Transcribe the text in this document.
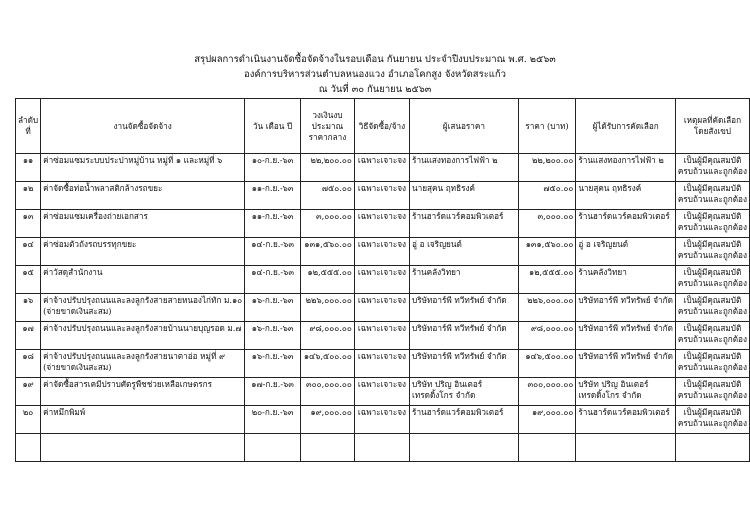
สรุปผลการดำเนินงานจัดซื้อจัดจ้างในรอบเดือน กันยายน ประจำปีงบประมาณ พ.ศ. ๒๕๖๓
องค์การบริหารส่วนตำบลหนองแวง อำเภอโคกสูง จังหวัดสระแก้ว
ณ วันที่ ๓๐ กันยายน ๒๕๖๓
ลำดับที่	งานจัดซื้อจัดจ้าง	วัน เดือน ปี	วงเงินงบประมาณราคากลาง	วิธีจัดซื้อ/จ้าง	ผู้เสนอราคา	ราคา (บาท)	ผู้ได้รับการคัดเลือก	เหตุผลที่คัดเลือกโดยสังเขป
๑๑	ค่าซ่อมแซมระบบประปาหมู่บ้าน หมู่ที่ ๑ และหมู่ที่ ๖	๑๐-ก.ย.-๖๓	๒๒,๒๐๐.๐๐	เฉพาะเจาะจง	ร้านแสงทองการไฟฟ้า ๒	๒๒,๒๐๐.๐๐	ร้านแสงทองการไฟฟ้า ๒	เป็นผู้มีคุณสมบัติ
ครบถ้วนและถูกต้อง

๑๒	ค่าจัดซื้อท่อน้ำพลาสติกล้างรถขยะ	๑๑-ก.ย.-๖๓	๗๕๐.๐๐	เฉพาะเจาะจง	นายสุคน ฤทธิรงค์	๗๕๐.๐๐	นายสุคน ฤทธิรงค์	เป็นผู้มีคุณสมบัติ
ครบถ้วนและถูกต้อง

๑๓	ค่าซ่อมแซมเครื่องถ่ายเอกสาร	๑๑-ก.ย.-๖๓	๓,๐๐๐.๐๐	เฉพาะเจาะจง	ร้านฮาร์ดแวร์คอมพิวเตอร์	๓,๐๐๐.๐๐	ร้านฮาร์ดแวร์คอมพิวเตอร์	เป็นผู้มีคุณสมบัติ
ครบถ้วนและถูกต้อง

๑๔	ค่าซ่อมตัวถังรถบรรทุกขยะ	๑๔-ก.ย.-๖๓	๑๓๑,๕๖๐.๐๐	เฉพาะเจาะจง	อู่ อ เจริญยนต์	๑๓๑,๕๖๐.๐๐	อู่ อ เจริญยนต์	เป็นผู้มีคุณสมบัติ
ครบถ้วนและถูกต้อง

๑๕	ค่าวัสดุสำนักงาน	๑๔-ก.ย.-๖๓	๑๒,๕๕๕.๐๐	เฉพาะเจาะจง	ร้านคลังวิทยา	๑๒,๕๕๕.๐๐	ร้านคลังวิทยา	เป็นผู้มีคุณสมบัติ
ครบถ้วนและถูกต้อง

๑๖	ค่าจ้างปรับปรุงถนนและลงลูกรังสายสายหนองไก่ทัก ม.๑๐
(จ่ายขาดเงินสะสม)	๑๖-ก.ย.-๖๓	๒๒๖,๐๐๐.๐๐	เฉพาะเจาะจง	บริษัทอาร์พี ทวีทรัพย์ จำกัด	๒๒๖,๐๐๐.๐๐	บริษัทอาร์พี ทวีทรัพย์ จำกัด	เป็นผู้มีคุณสมบัติ
ครบถ้วนและถูกต้อง

๑๗	ค่าจ้างปรับปรุงถนนและลงลูกรังสายบ้านนายบุญรอด ม.๗	๑๖-ก.ย.-๖๓	๙๘,๐๐๐.๐๐	เฉพาะเจาะจง	บริษัทอาร์พี ทวีทรัพย์ จำกัด	๙๘,๐๐๐.๐๐	บริษัทอาร์พี ทวีทรัพย์ จำกัด	เป็นผู้มีคุณสมบัติ
ครบถ้วนและถูกต้อง

๑๘	ค่าจ้างปรับปรุงถนนและลงลูกรังสายนาตาอ่อ หมู่ที่ ๙
(จ่ายขาดเงินสะสม)	๑๖-ก.ย.-๖๓	๑๔๖,๕๐๐.๐๐	เฉพาะเจาะจง	บริษัทอาร์พี ทวีทรัพย์ จำกัด	๑๔๖,๕๐๐.๐๐	บริษัทอาร์พี ทวีทรัพย์ จำกัด	เป็นผู้มีคุณสมบัติ
ครบถ้วนและถูกต้อง

๑๙	ค่าจัดซื้อสารเคมีปราบศัตรูพืชช่วยเหลือเกษตรกร	๑๗-ก.ย.-๖๓	๓๐๐,๐๐๐.๐๐	เฉพาะเจาะจง	บริษัท ปริญ อินเตอร์
เทรดดิ้งโกร จำกัด	๓๐๐,๐๐๐.๐๐	บริษัท ปริญ อินเตอร์
เทรดดิ้งโกร จำกัด	เป็นผู้มีคุณสมบัติ
ครบถ้วนและถูกต้อง

๒๐	ค่าหมึกพิมพ์	๒๐-ก.ย.-๖๓	๑๙,๐๐๐.๐๐	เฉพาะเจาะจง	ร้านฮาร์ดแวร์คอมพิวเตอร์	๑๙,๐๐๐.๐๐	ร้านฮาร์ดแวร์คอมพิวเตอร์	เป็นผู้มีคุณสมบัติ
ครบถ้วนและถูกต้อง
